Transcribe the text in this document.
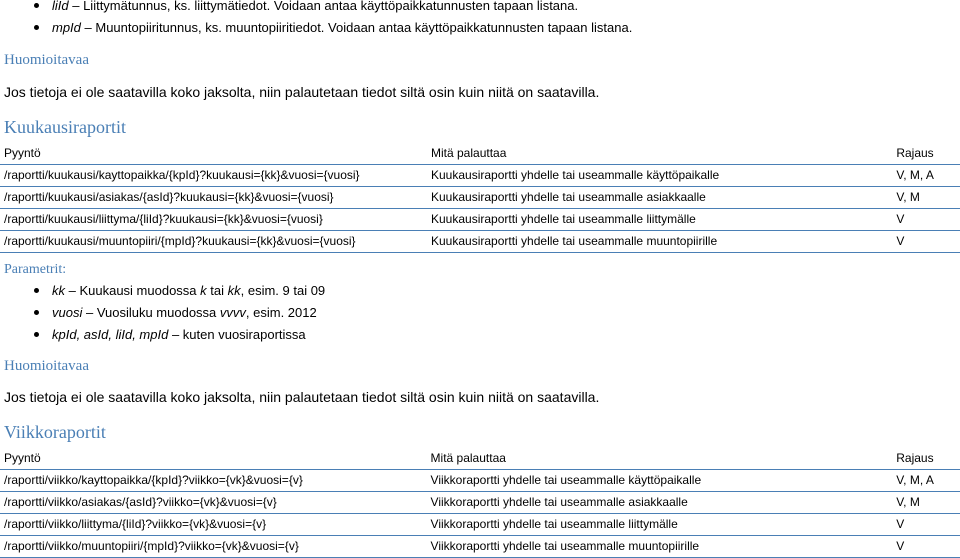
liId – Liittymätunnus, ks. liittymätiedot. Voidaan antaa käyttöpaikkatunnusten tapaan listana.
mpId – Muuntopiiritunnus, ks. muuntopiiritiedot. Voidaan antaa käyttöpaikkatunnusten tapaan listana.
Huomioitavaa
Jos tietoja ei ole saatavilla koko jaksolta, niin palautetaan tiedot siltä osin kuin niitä on saatavilla.
Kuukausiraportit
Pyyntö	Mitä palauttaa	Rajaus
/raportti/kuukausi/kayttopaikka/{kpId}?kuukausi={kk}&vuosi={vuosi}	Kuukausiraportti yhdelle tai useammalle käyttöpaikalle	V, M, A
/raportti/kuukausi/asiakas/{asId}?kuukausi={kk}&vuosi={vuosi}	Kuukausiraportti yhdelle tai useammalle asiakkaalle	V, M
/raportti/kuukausi/liittyma/{liId}?kuukausi={kk}&vuosi={vuosi}	Kuukausiraportti yhdelle tai useammalle liittymälle	V
/raportti/kuukausi/muuntopiiri/{mpId}?kuukausi={kk}&vuosi={vuosi}	Kuukausiraportti yhdelle tai useammalle muuntopiirille	V
Parametrit:
kk – Kuukausi muodossa k tai kk, esim. 9 tai 09
vuosi – Vuosiluku muodossa vvvv, esim. 2012
kpId, asId, liId, mpId – kuten vuosiraportissa
Huomioitavaa
Jos tietoja ei ole saatavilla koko jaksolta, niin palautetaan tiedot siltä osin kuin niitä on saatavilla.
Viikkoraportit
Pyyntö	Mitä palauttaa	Rajaus
/raportti/viikko/kayttopaikka/{kpId}?viikko={vk}&vuosi={v}	Viikkoraportti yhdelle tai useammalle käyttöpaikalle	V, M, A
/raportti/viikko/asiakas/{asId}?viikko={vk}&vuosi={v}	Viikkoraportti yhdelle tai useammalle asiakkaalle	V, M
/raportti/viikko/liittyma/{liId}?viikko={vk}&vuosi={v}	Viikkoraportti yhdelle tai useammalle liittymälle	V
/raportti/viikko/muuntopiiri/{mpId}?viikko={vk}&vuosi={v}	Viikkoraportti yhdelle tai useammalle muuntopiirille	V
